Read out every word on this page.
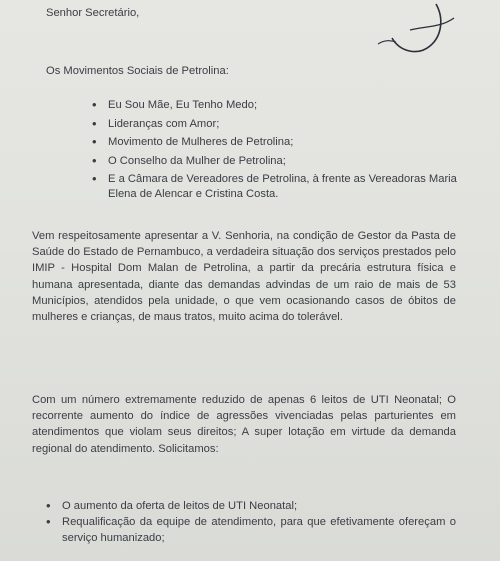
Senhor Secretário,

Os Movimentos Sociais de Petrolina:

• Eu Sou Mãe, Eu Tenho Medo;
• Lideranças com Amor;
• Movimento de Mulheres de Petrolina;
• O Conselho da Mulher de Petrolina;
• E a Câmara de Vereadores de Petrolina, à frente as Vereadoras Maria Elena de Alencar e Cristina Costa.

Vem respeitosamente apresentar a V. Senhoria, na condição de Gestor da Pasta de Saúde do Estado de Pernambuco, a verdadeira situação dos serviços prestados pelo IMIP - Hospital Dom Malan de Petrolina, a partir da precária estrutura física e humana apresentada, diante das demandas advindas de um raio de mais de 53 Municípios, atendidos pela unidade, o que vem ocasionando casos de óbitos de mulheres e crianças, de maus tratos, muito acima do tolerável.

Com um número extremamente reduzido de apenas 6 leitos de UTI Neonatal; O recorrente aumento do índice de agressões vivenciadas pelas parturientes em atendimentos que violam seus direitos; A super lotação em virtude da demanda regional do atendimento. Solicitamos:

• O aumento da oferta de leitos de UTI Neonatal;
• Requalificação da equipe de atendimento, para que efetivamente ofereçam o serviço humanizado;
